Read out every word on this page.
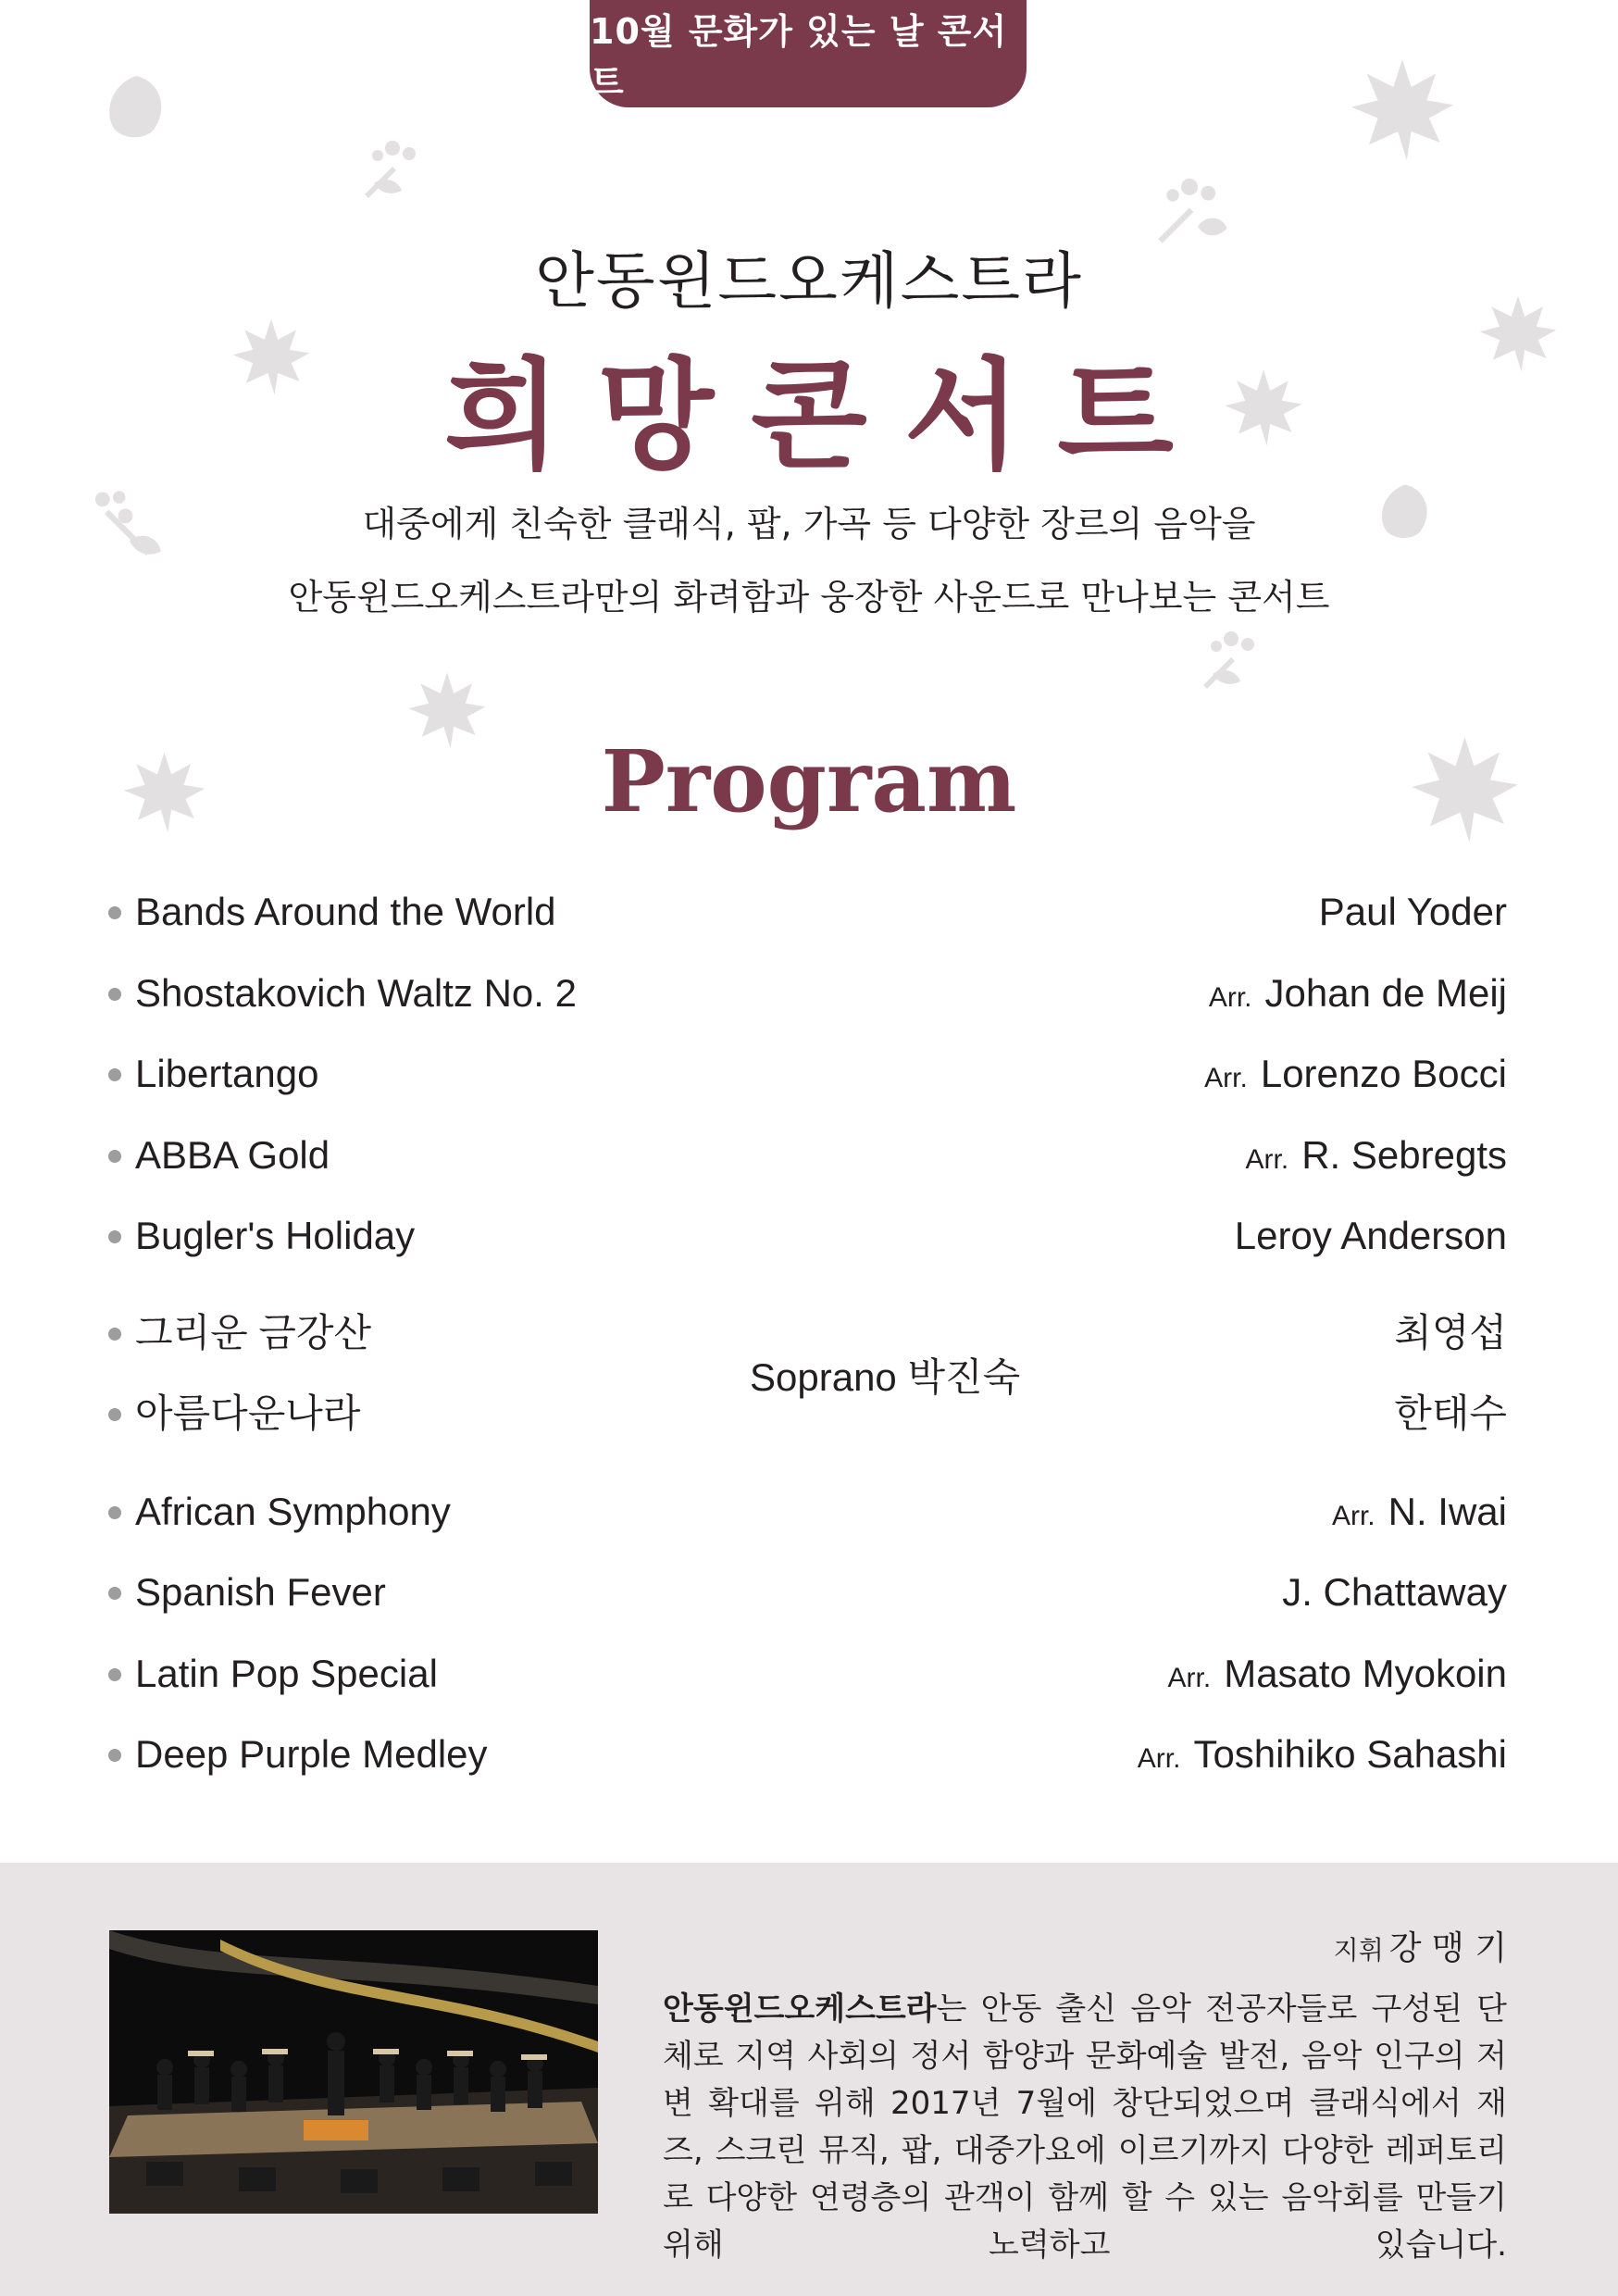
10월 문화가 있는 날 콘서트
안동윈드오케스트라
희망콘서트
대중에게 친숙한 클래식, 팝, 가곡 등 다양한 장르의 음악을
안동윈드오케스트라만의 화려함과 웅장한 사운드로 만나보는 콘서트
Program
Bands Around the World	Paul Yoder
Shostakovich Waltz No. 2	Arr. Johan de Meij
Libertango	Arr. Lorenzo Bocci
ABBA Gold	Arr. R. Sebregts
Bugler's Holiday	Leroy Anderson
그리운 금강산	최영섭
아름다운나라	한태수
Soprano 박진숙
African Symphony	Arr. N. Iwai
Spanish Fever	J. Chattaway
Latin Pop Special	Arr. Masato Myokoin
Deep Purple Medley	Arr. Toshihiko Sahashi
지휘 강 맹 기
안동윈드오케스트라는 안동 출신 음악 전공자들로 구성된 단체로 지역 사회의 정서 함양과 문화예술 발전, 음악 인구의 저변 확대를 위해 2017년 7월에 창단되었으며 클래식에서 재즈, 스크린 뮤직, 팝, 대중가요에 이르기까지 다양한 레퍼토리로 다양한 연령층의 관객이 함께 할 수 있는 음악회를 만들기 위해 노력하고 있습니다.
